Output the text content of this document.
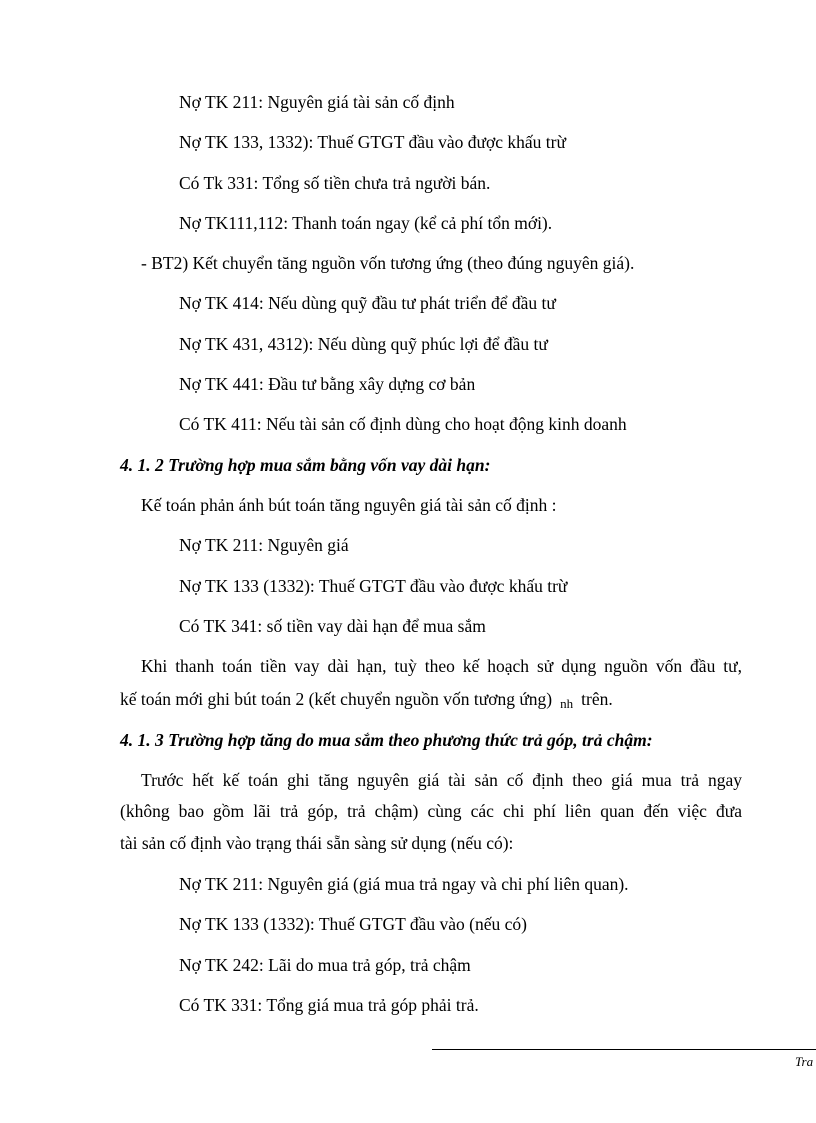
Nợ TK 211: Nguyên giá tài sản cố định
Nợ TK 133, 1332): Thuế GTGT đầu vào được khấu trừ
Có Tk 331: Tổng số tiền chưa trả người bán.
Nợ TK111,112: Thanh toán ngay (kể cả phí tổn mới).
- BT2) Kết chuyển tăng nguồn vốn tương ứng (theo đúng nguyên giá).
Nợ TK 414: Nếu dùng quỹ đầu tư phát triển để đầu tư
Nợ TK 431, 4312): Nếu dùng quỹ phúc lợi để đầu tư
Nợ TK 441: Đầu tư bằng xây dựng cơ bản
Có TK 411: Nếu tài sản cố định dùng cho hoạt động kinh doanh
4. 1. 2 Trường hợp mua sắm bằng vốn vay dài hạn:
Kế toán phản ánh bút toán tăng nguyên giá tài sản cố định :
Nợ TK 211: Nguyên giá
Nợ TK 133 (1332): Thuế GTGT đầu vào được khấu trừ
Có TK 341: số tiền vay dài hạn để mua sắm
Khi thanh toán tiền vay dài hạn, tuỳ theo kế hoạch sử dụng nguồn vốn đầu tư,
kế toán mới ghi bút toán 2 (kết chuyển nguồn vốn tương ứng) nh trên.
4. 1. 3 Trường hợp tăng do mua sắm theo phương thức trả góp, trả chậm:
Trước hết kế toán ghi tăng nguyên giá tài sản cố định theo giá mua trả ngay
(không bao gồm lãi trả góp, trả chậm) cùng các chi phí liên quan đến việc đưa
tài sản cố định vào trạng thái sẵn sàng sử dụng (nếu có):
Nợ TK 211: Nguyên giá (giá mua trả ngay và chi phí liên quan).
Nợ TK 133 (1332): Thuế GTGT đầu vào (nếu có)
Nợ TK 242: Lãi do mua trả góp, trả chậm
Có TK 331: Tổng giá mua trả góp phải trả.
Tra
